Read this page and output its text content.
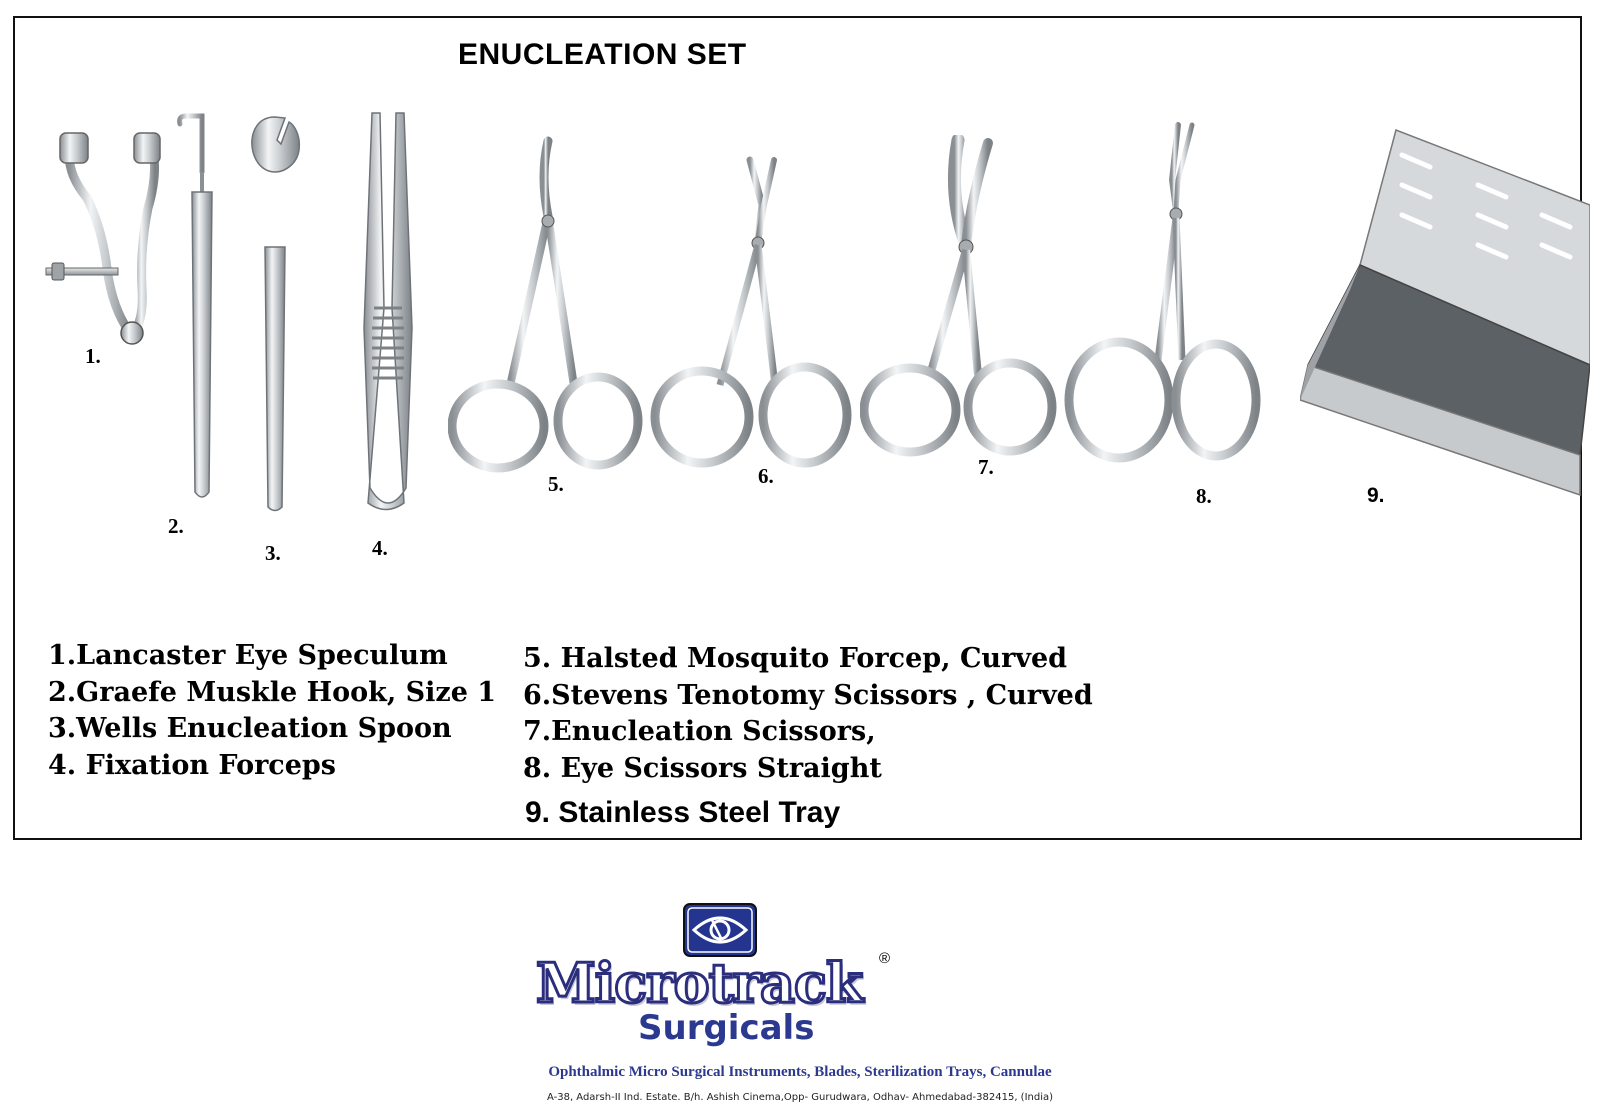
ENUCLEATION SET
1.
2.
3.	4.
5.	6.	7.
8.	9.
1.Lancaster Eye Speculum
2.Graefe Muskle Hook, Size 1
3.Wells Enucleation Spoon
4. Fixation Forceps
5. Halsted Mosquito Forcep, Curved
6.Stevens Tenotomy Scissors , Curved
7.Enucleation Scissors,
8. Eye Scissors Straight
9. Stainless Steel Tray
Microtrack ®
Surgicals
Ophthalmic Micro Surgical Instruments, Blades, Sterilization Trays, Cannulae
A-38, Adarsh-II Ind. Estate. B/h. Ashish Cinema,Opp- Gurudwara, Odhav- Ahmedabad-382415, (India)
